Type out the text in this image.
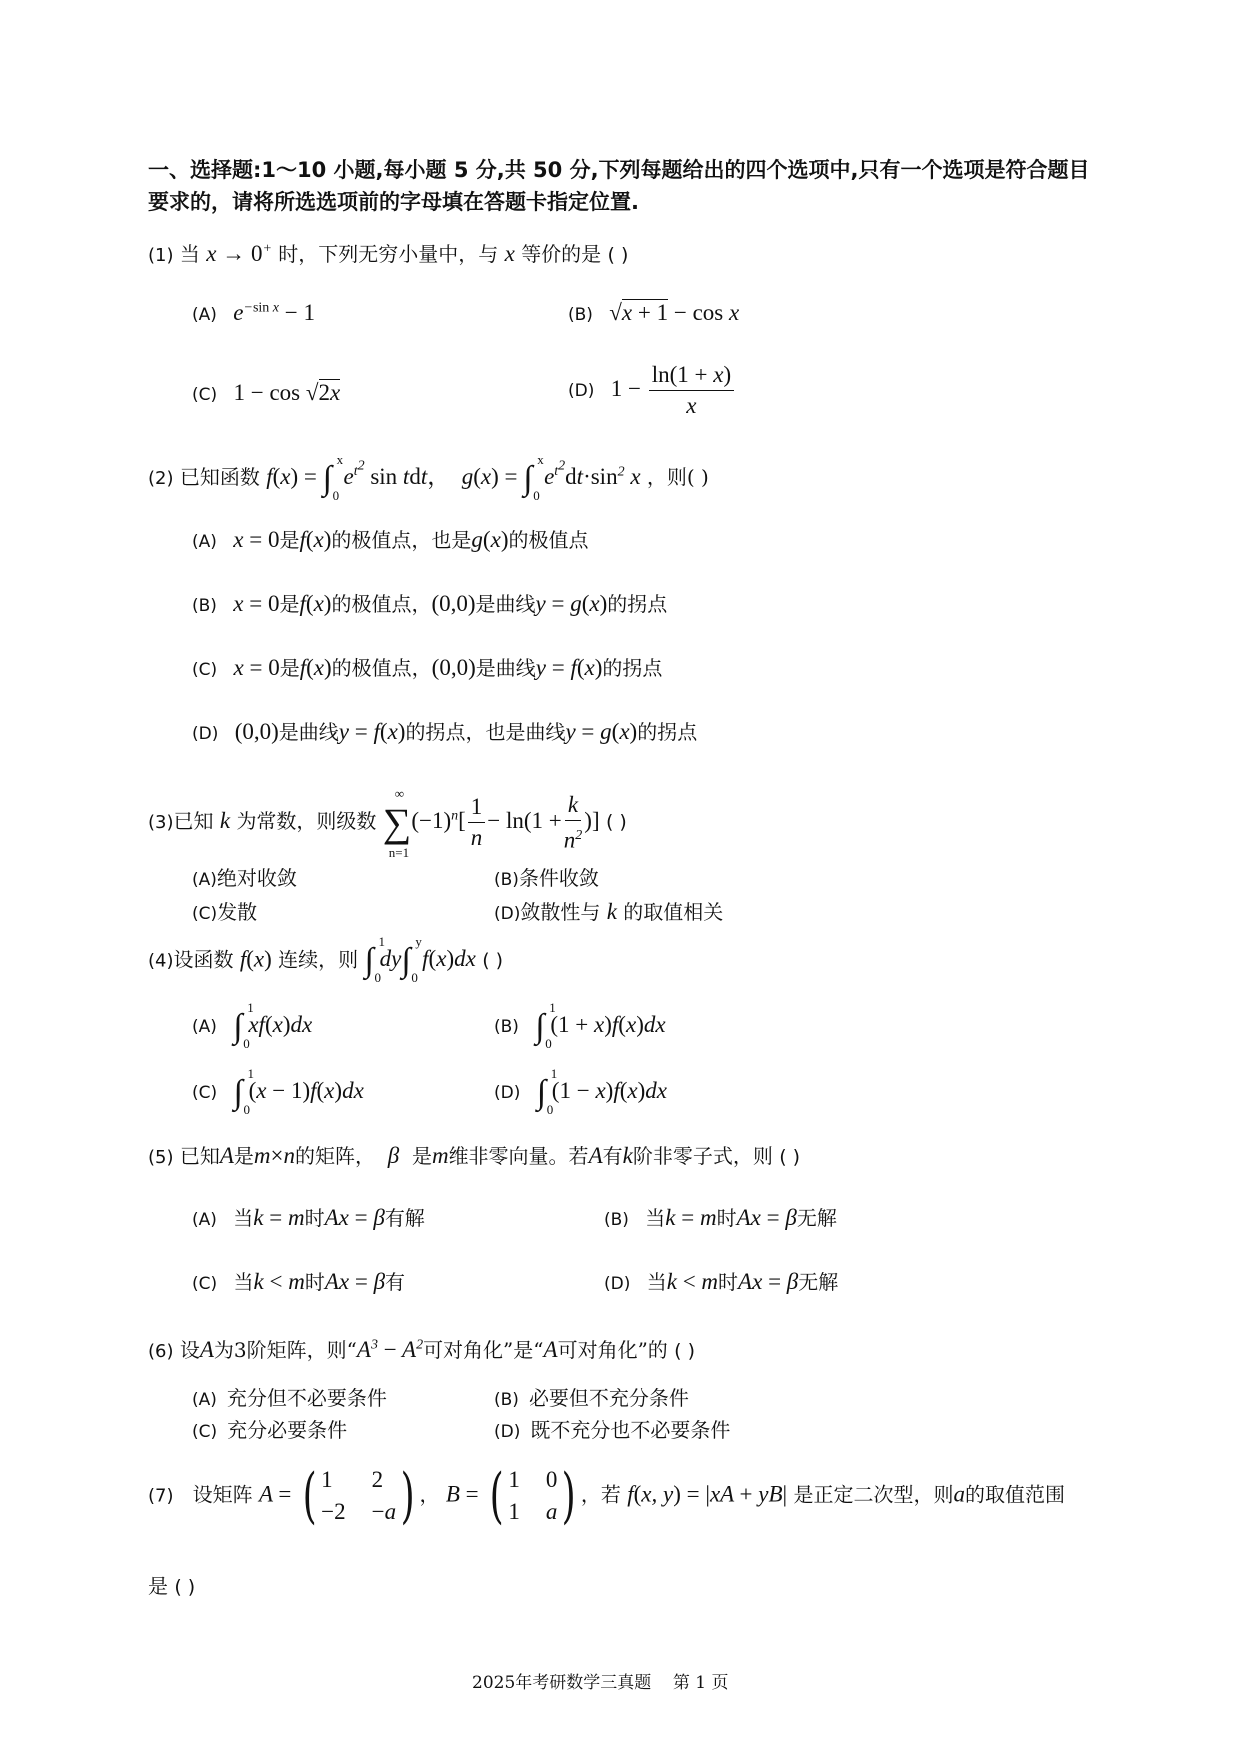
一、选择题:1～10 小题,每小题 5 分,共 50 分,下列每题给出的四个选项中,只有一个选项是符合题目
要求的，请将所选选项前的字母填在答题卡指定位置.
(1) 当 x → 0+ 时，下列无穷小量中，与 x 等价的是 ( )
(A) $e^{-sin x} - 1$	(B) √x + 1 − cos x
(C) 1 − cos √2x	(D) $1 - \frac{\ln(1 + x)}{x}$
(2) 已知函数 f(x) = ∫
x
0
$e^{t^2}$ sin tdt，  g(x) = ∫
x
0
$e^{t^2}dt\cdot\sin^2$ x ，则( )
(A) x = 0是f(x)的极值点，也是g(x)的极值点
(B) x = 0是f(x)的极值点，(0,0)是曲线y = g(x)的拐点
(C) x = 0是f(x)的极值点，(0,0)是曲线y = f(x)的拐点
(D) (0,0)是曲线y = f(x)的拐点，也是曲线y = g(x)的拐点
(3)已知 k 为常数，则级数 ∑
∞
n=1
$(-1)^n[ \frac{1}{n} - \ln(1 + \frac{k}{n^2}$ )] ( )
(A)绝对收敛	(B)条件收敛
(C)发散	(D)敛散性与 k 的取值相关
(4)设函数 f(x) 连续，则 ∫
1
0
dy∫
y
0
f(x)dx ( )
(A) ∫
1
0
xf(x)dx	(B) ∫
1
0
(1 + x)f(x)dx
(C) ∫
1
0
(x − 1)f(x)dx	(D) ∫
1
0
(1 − x)f(x)dx
(5) 已知A是m×n的矩阵， β 是m维非零向量。若A有k阶非零子式，则 ( )
(A) 当k = m时Ax = β有解	(B) 当k = m时Ax = β无解
(C) 当k < m时Ax = β有	(D) 当k < m时Ax = β无解
(6) 设A为3阶矩阵，则“$A^3 - A^2$可对角化”是“A可对角化”的 ( )
(A) 充分但不必要条件	(B) 必要但不充分条件
(C) 充分必要条件	(D) 既不充分也不必要条件
(7) 设矩阵 A = ( 1	2
−2 −a ) ， B = ( 1 0
1 a ) ，若 f(x, y) = |xA + yB| 是正定二次型，则a的取值范围
是 ( )
2025年考研数学三真题 第 1 页
